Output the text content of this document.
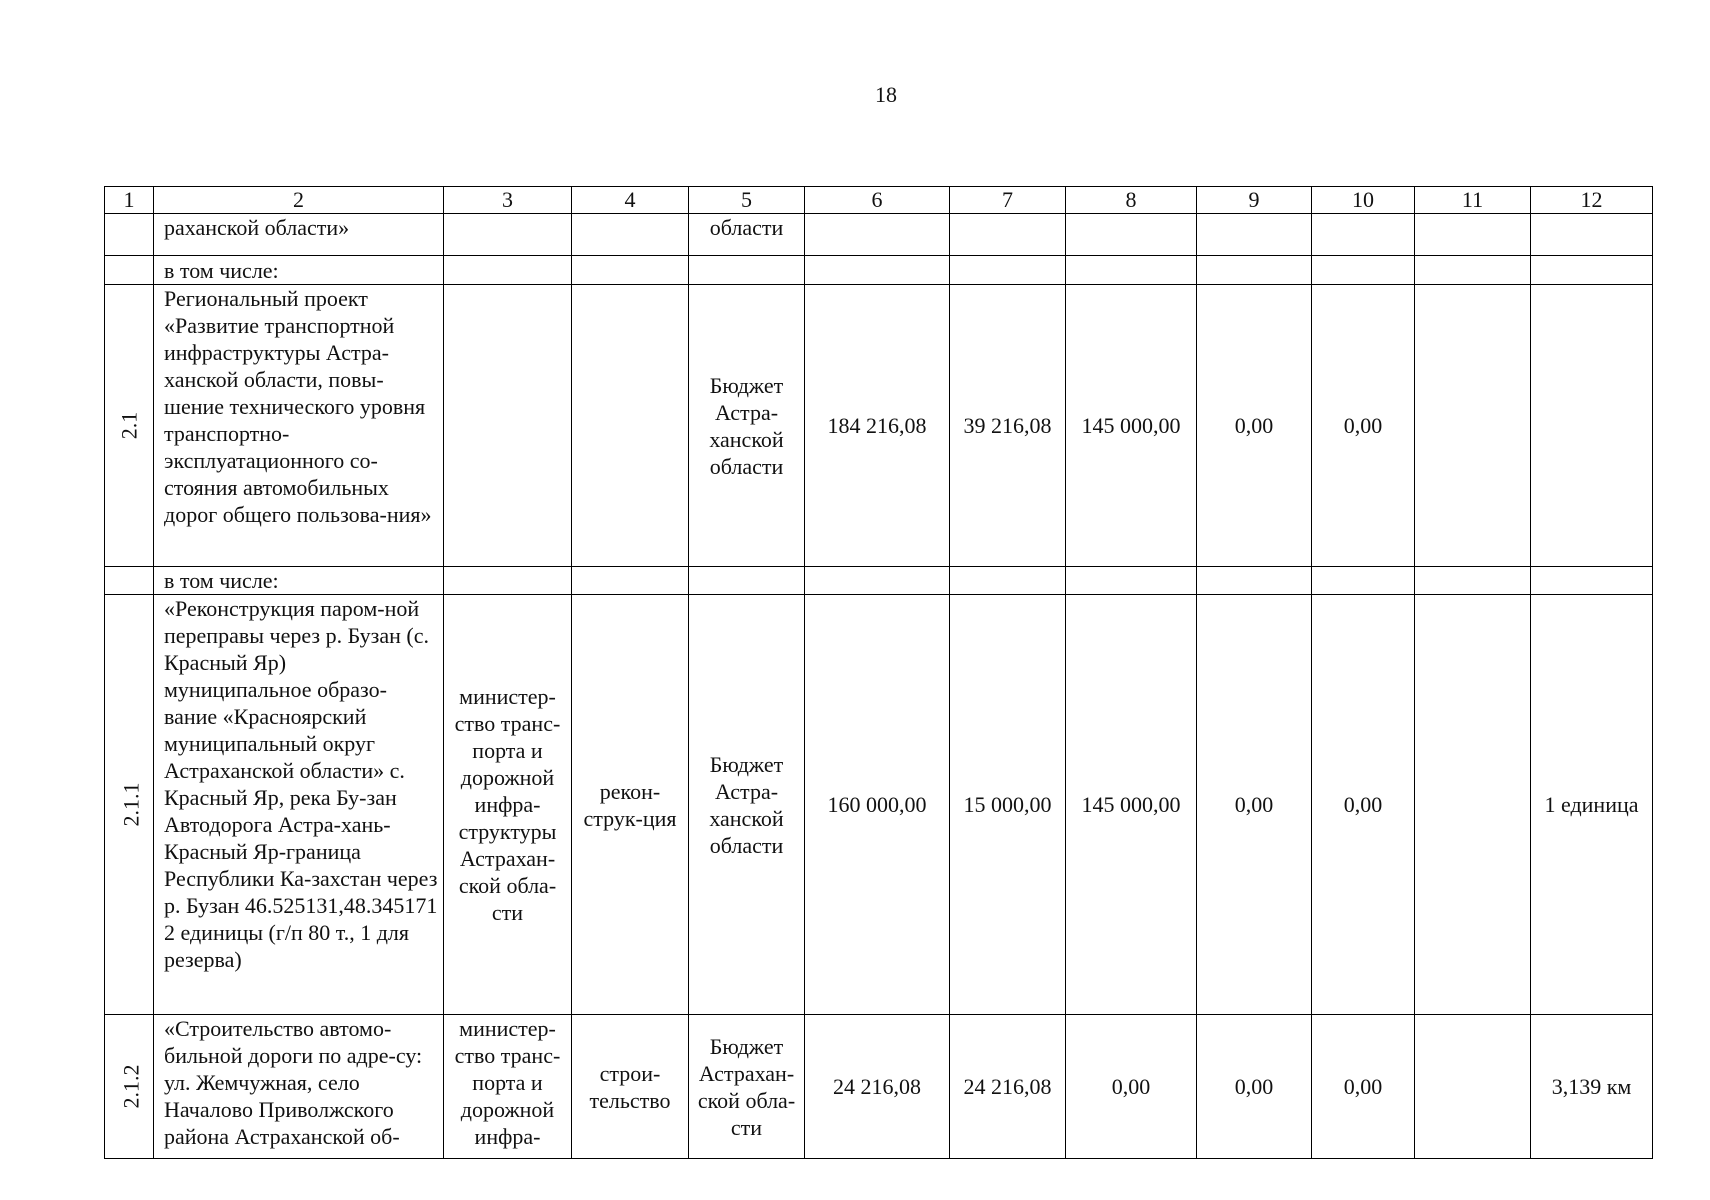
18
1	2	3	4	5	6	7	8	9	10	11	12
	раханской области»			области							
	в том числе:										
2.1	Региональный проект «Развитие транспортной инфраструктуры Астра-ханской области, повы-шение технического уровня транспортно-эксплуатационного со-стояния автомобильных дорог общего пользова-ния»			Бюджет Астра-ханской области	184 216,08	39 216,08	145 000,00	0,00	0,00		
	в том числе:										
2.1.1	«Реконструкция паром-ной переправы через р. Бузан (с. Красный Яр) муниципальное образо-вание «Красноярский муниципальный округ Астраханской области» с. Красный Яр, река Бу-зан Автодорога Астра-хань-Красный Яр-граница Республики Ка-захстан через р. Бузан 46.525131,48.345171 2 единицы (г/п 80 т., 1 для резерва)	министер-ство транс-порта и дорожной инфра-структуры Астрахан-ской обла-сти	рекон-струк-ция	Бюджет Астра-ханской области	160 000,00	15 000,00	145 000,00	0,00	0,00		1 единица
2.1.2	«Строительство автомо-бильной дороги по адре-су: ул. Жемчужная, село Началово Приволжского района Астраханской об-	министер-ство транс-порта и дорожной инфра-	строи-тельство	Бюджет Астрахан-ской обла-сти	24 216,08	24 216,08	0,00	0,00	0,00		3,139 км
